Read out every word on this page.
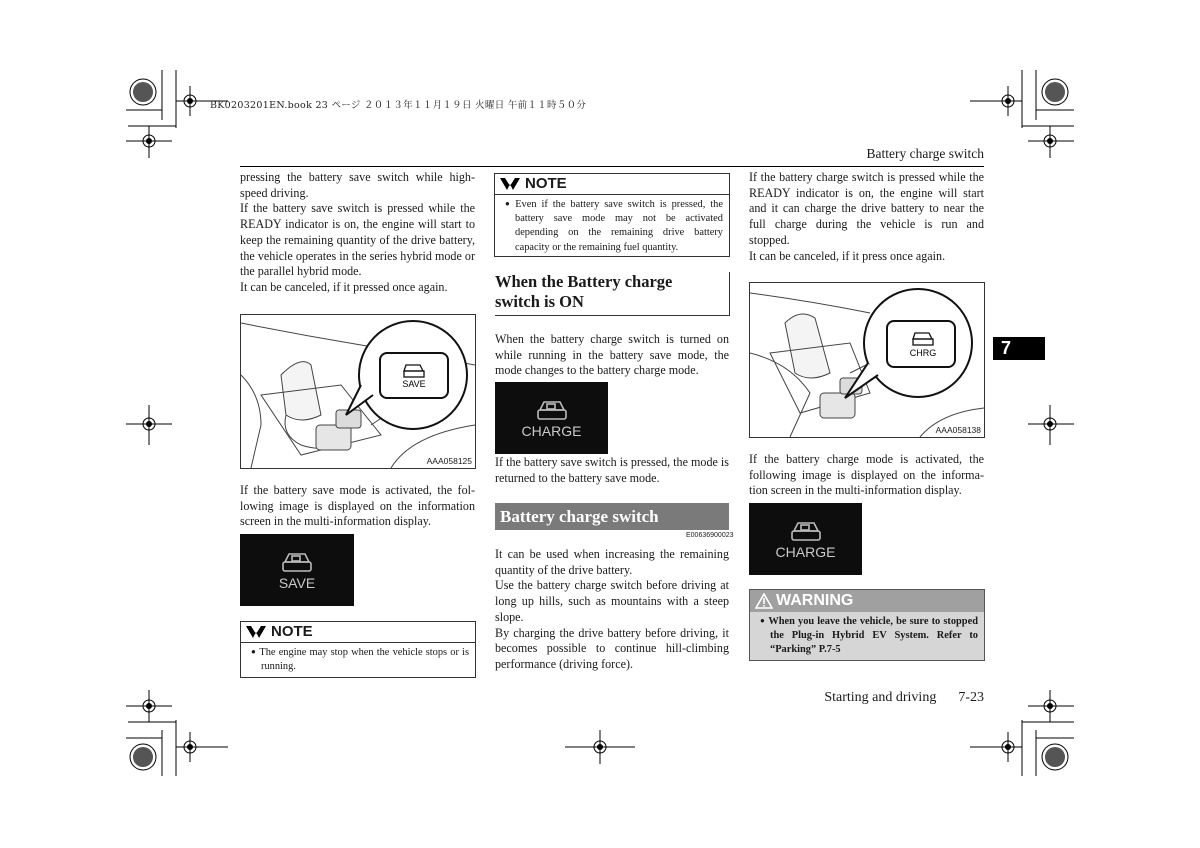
BK0203201EN.book 23 ページ ２０１３年１１月１９日 火曜日 午前１１時５０分
Battery charge switch

pressing the battery save switch while high-speed driving.

If the battery save switch is pressed while the READY indicator is on, the engine will start to keep the remaining quantity of the drive battery, the vehicle operates in the series hybrid mode or the parallel hybrid mode.

It can be canceled, if it pressed once again.

SAVE
AAA058125

If the battery save mode is activated, the fol-lowing image is displayed on the information screen in the multi-information display.

SAVE
NOTE
● The engine may stop when the vehicle stops or is running.
NOTE
● Even if the battery save switch is pressed, the battery save mode may not be activated depending on the remaining drive battery capacity or the remaining fuel quantity.
When the Battery charge switch is ON

When the battery charge switch is turned on while running in the battery save mode, the mode changes to the battery charge mode.

CHARGE

If the battery save switch is pressed, the mode is returned to the battery save mode.

Battery charge switch
E00636900023

It can be used when increasing the remaining quantity of the drive battery.

Use the battery charge switch before driving at long up hills, such as mountains with a steep slope.

By charging the drive battery before driving, it becomes possible to continue hill-climbing performance (driving force).

If the battery charge switch is pressed while the READY indicator is on, the engine will start and it can charge the drive battery to near the full charge during the vehicle is run and stopped.

It can be canceled, if it press once again.

CHRG
AAA058138

If the battery charge mode is activated, the following image is displayed on the informa-tion screen in the multi-information display.

CHARGE
WARNING
● When you leave the vehicle, be sure to stopped the Plug-in Hybrid EV System. Refer to “Parking” P.7-5
7
Starting and driving 7-23
